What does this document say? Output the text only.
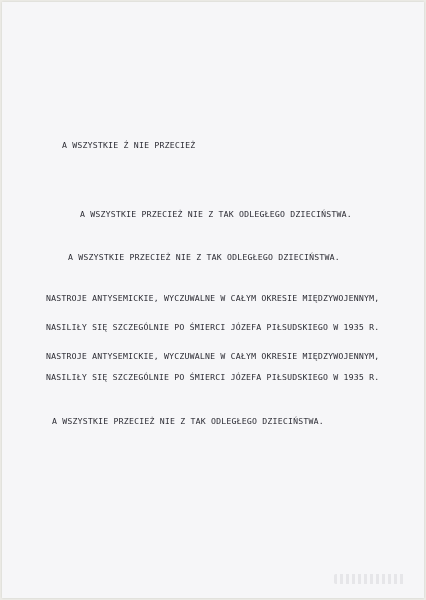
A WSZYSTKIE Ź NIE PRZECIEŻ
A WSZYSTKIE PRZECIEŻ NIE Z TAK ODLEGŁEGO DZIECIŃSTWA.
A WSZYSTKIE PRZECIEŻ NIE Z TAK ODLEGŁEGO DZIECIŃSTWA.
NASTROJE ANTYSEMICKIE, WYCZUWALNE W CAŁYM OKRESIE MIĘDZYWOJENNYM,
NASILIŁY SIĘ SZCZEGÓLNIE PO ŚMIERCI JÓZEFA PIŁSUDSKIEGO W 1935 R.
NASTROJE ANTYSEMICKIE, WYCZUWALNE W CAŁYM OKRESIE MIĘDZYWOJENNYM,
NASILIŁY SIĘ SZCZEGÓLNIE PO ŚMIERCI JÓZEFA PIŁSUDSKIEGO W 1935 R.
A WSZYSTKIE PRZECIEŻ NIE Z TAK ODLEGŁEGO DZIECIŃSTWA.
